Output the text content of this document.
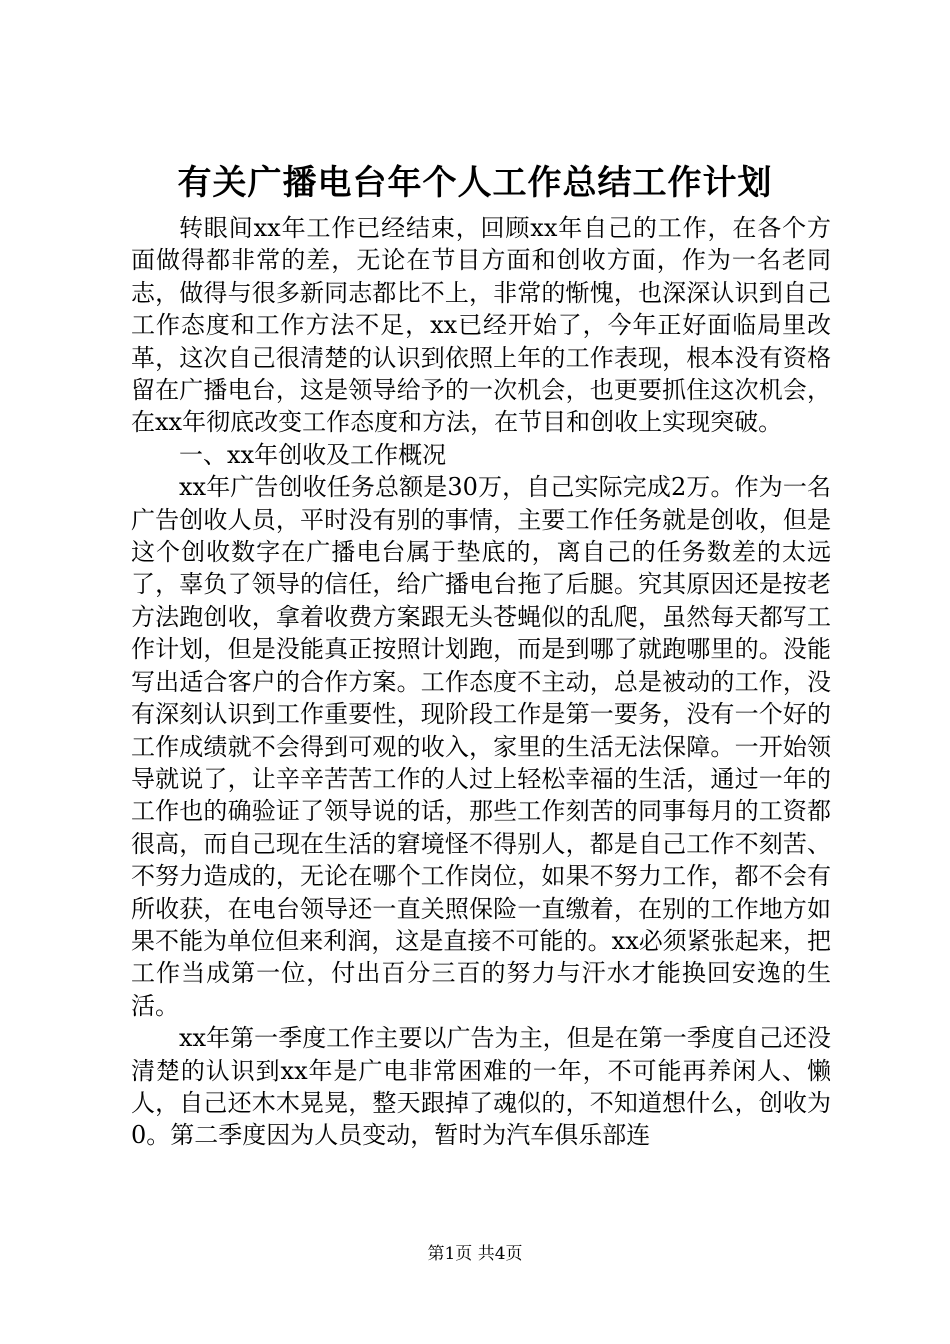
有关广播电台年个人工作总结工作计划

转眼间xx年工作已经结束，回顾xx年自己的工作，在各个方面做得都非常的差，无论在节目方面和创收方面，作为一名老同志，做得与很多新同志都比不上，非常的惭愧，也深深认识到自己工作态度和工作方法不足，xx已经开始了，今年正好面临局里改革，这次自己很清楚的认识到依照上年的工作表现，根本没有资格留在广播电台，这是领导给予的一次机会，也更要抓住这次机会，在xx年彻底改变工作态度和方法，在节目和创收上实现突破。

一、xx年创收及工作概况

xx年广告创收任务总额是30万，自己实际完成2万。作为一名广告创收人员，平时没有别的事情，主要工作任务就是创收，但是这个创收数字在广播电台属于垫底的，离自己的任务数差的太远了，辜负了领导的信任，给广播电台拖了后腿。究其原因还是按老方法跑创收，拿着收费方案跟无头苍蝇似的乱爬，虽然每天都写工作计划，但是没能真正按照计划跑，而是到哪了就跑哪里的。没能写出适合客户的合作方案。工作态度不主动，总是被动的工作，没有深刻认识到工作重要性，现阶段工作是第一要务，没有一个好的工作成绩就不会得到可观的收入，家里的生活无法保障。一开始领导就说了，让辛辛苦苦工作的人过上轻松幸福的生活，通过一年的工作也的确验证了领导说的话，那些工作刻苦的同事每月的工资都很高，而自己现在生活的窘境怪不得别人，都是自己工作不刻苦、不努力造成的，无论在哪个工作岗位，如果不努力工作，都不会有所收获，在电台领导还一直关照保险一直缴着，在别的工作地方如果不能为单位但来利润，这是直接不可能的。xx必须紧张起来，把工作当成第一位，付出百分三百的努力与汗水才能换回安逸的生活。

xx年第一季度工作主要以广告为主，但是在第一季度自己还没清楚的认识到xx年是广电非常困难的一年，不可能再养闲人、懒人，自己还木木晃晃，整天跟掉了魂似的，不知道想什么，创收为0。第二季度因为人员变动，暂时为汽车俱乐部连

第1页 共4页
